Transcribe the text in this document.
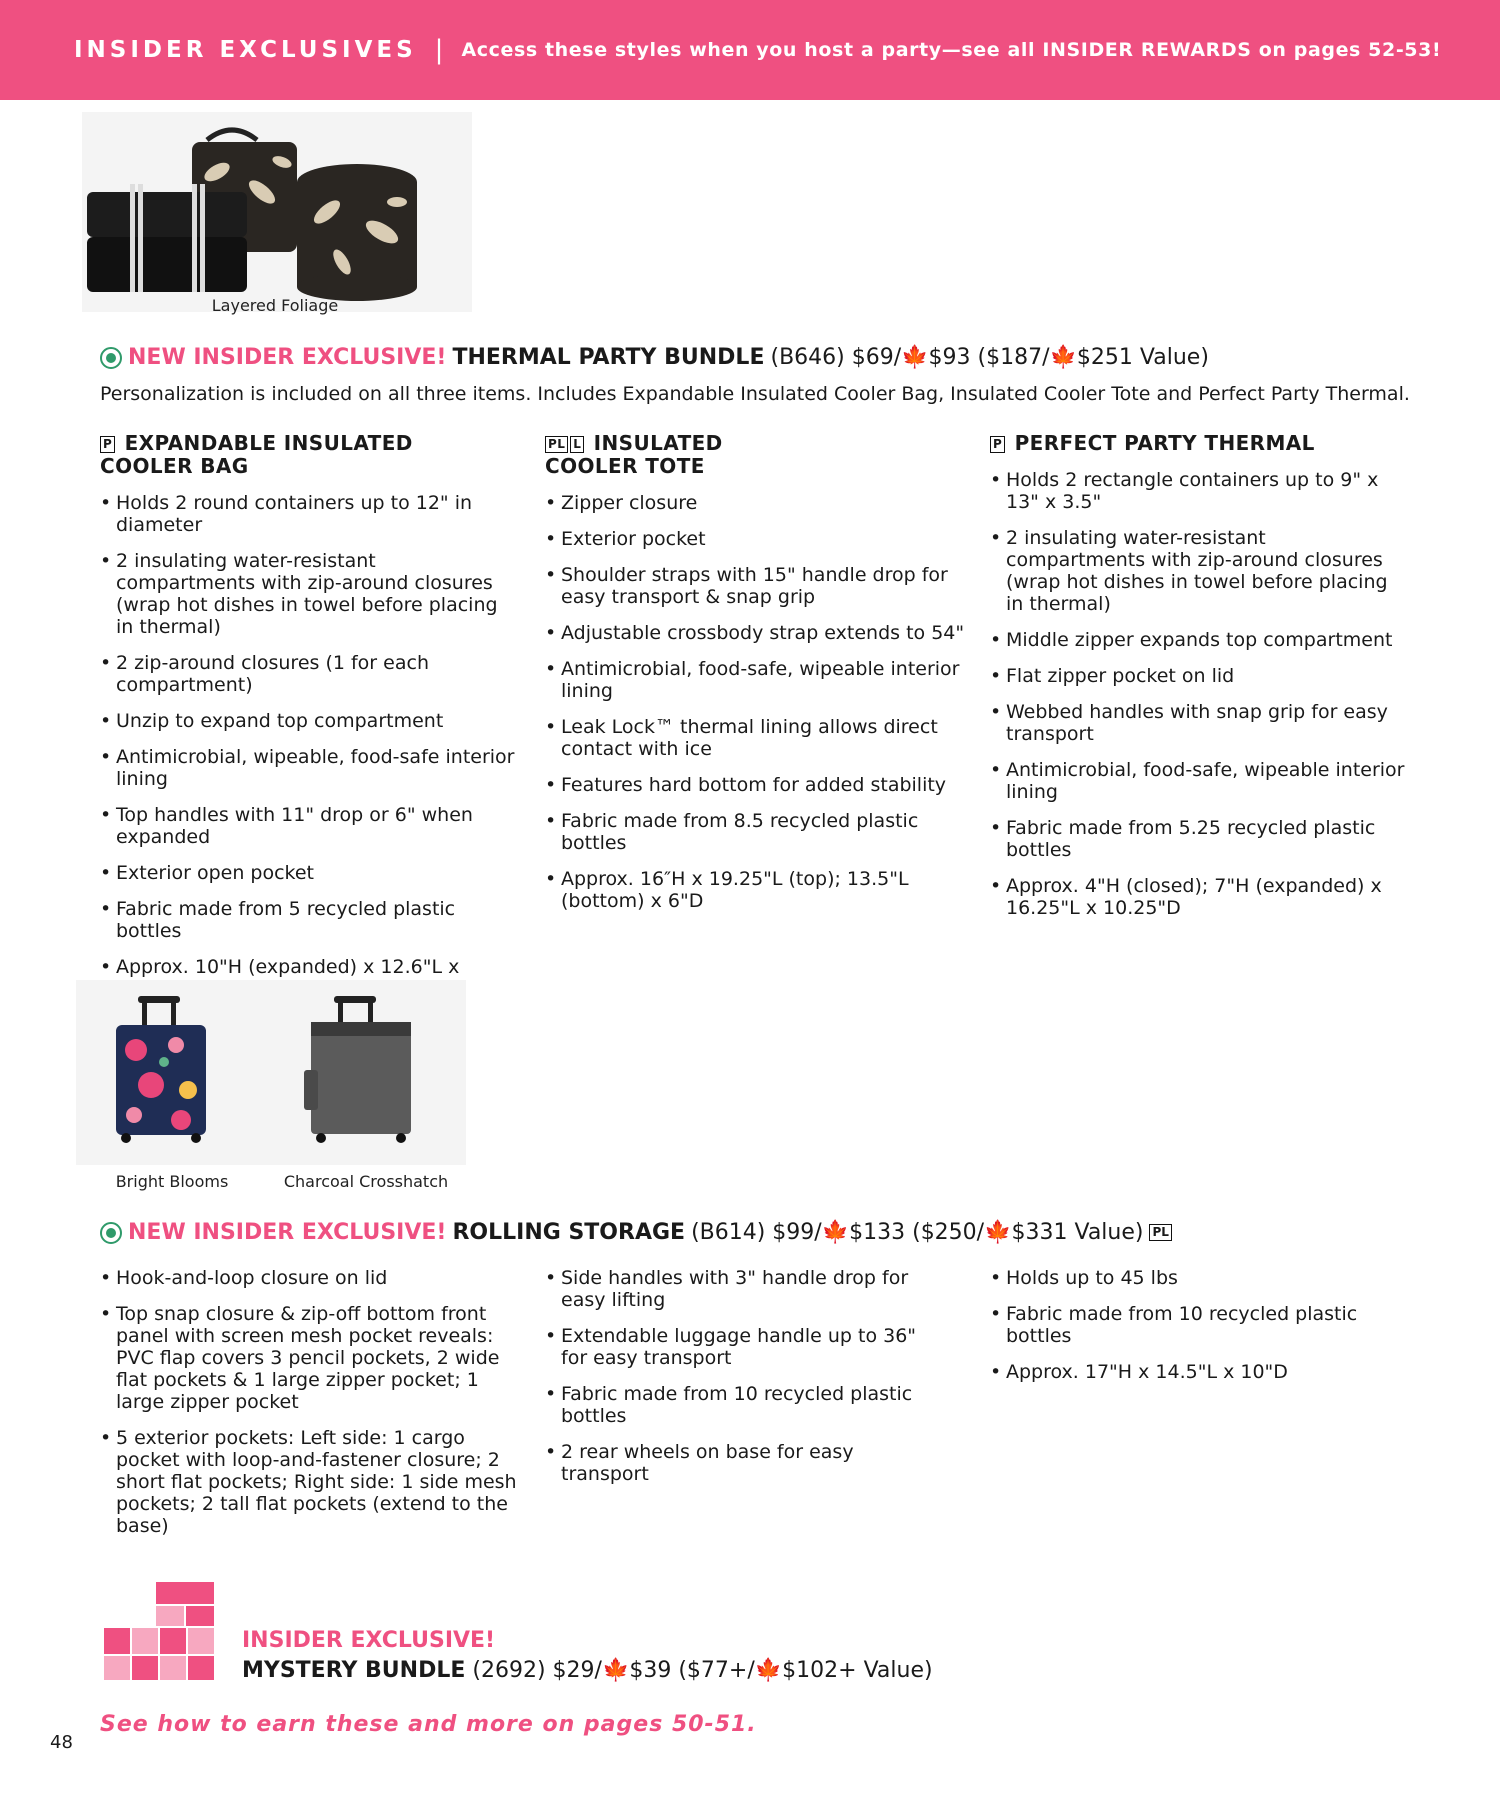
INSIDER EXCLUSIVES | Access these styles when you host a party—see all INSIDER REWARDS on pages 52-53!
Layered Foliage
NEW INSIDER EXCLUSIVE! THERMAL PARTY BUNDLE (B646) $69/ 🍁 $93 ($187/ 🍁 $251 Value)
Personalization is included on all three items. Includes Expandable Insulated Cooler Bag, Insulated Cooler Tote and Perfect Party Thermal.
P EXPANDABLE INSULATED
COOLER BAG
• Holds 2 round containers up to 12" in diameter
• 2 insulating water-resistant compartments with zip-around closures (wrap hot dishes in towel before placing in thermal)
• 2 zip-around closures (1 for each compartment)
• Unzip to expand top compartment
• Antimicrobial, wipeable, food-safe interior lining
• Top handles with 11" drop or 6" when expanded
• Exterior open pocket
• Fabric made from 5 recycled plastic bottles
• Approx. 10"H (expanded) x 12.6"L x
PL L INSULATED
COOLER TOTE
• Zipper closure
• Exterior pocket
• Shoulder straps with 15" handle drop for easy transport & snap grip
• Adjustable crossbody strap extends to 54"
• Antimicrobial, food-safe, wipeable interior lining
• Leak Lock™ thermal lining allows direct contact with ice
• Features hard bottom for added stability
• Fabric made from 8.5 recycled plastic bottles
• Approx. 16″H x 19.25"L (top); 13.5"L (bottom) x 6"D
P PERFECT PARTY THERMAL
• Holds 2 rectangle containers up to 9" x 13" x 3.5"
• 2 insulating water-resistant compartments with zip-around closures (wrap hot dishes in towel before placing in thermal)
• Middle zipper expands top compartment
• Flat zipper pocket on lid
• Webbed handles with snap grip for easy transport
• Antimicrobial, food-safe, wipeable interior lining
• Fabric made from 5.25 recycled plastic bottles
• Approx. 4"H (closed); 7"H (expanded) x 16.25"L x 10.25"D
Bright Blooms	Charcoal Crosshatch
NEW INSIDER EXCLUSIVE! ROLLING STORAGE (B614) $99/ 🍁 $133 ($250/ 🍁 $331 Value) PL
• Hook-and-loop closure on lid
• Top snap closure & zip-off bottom front panel with screen mesh pocket reveals: PVC flap covers 3 pencil pockets, 2 wide flat pockets & 1 large zipper pocket; 1 large zipper pocket
• 5 exterior pockets: Left side: 1 cargo pocket with loop-and-fastener closure; 2 short flat pockets; Right side: 1 side mesh pockets; 2 tall flat pockets (extend to the base)
• Side handles with 3" handle drop for easy lifting
• Extendable luggage handle up to 36" for easy transport
• Fabric made from 10 recycled plastic bottles
• 2 rear wheels on base for easy transport
• Holds up to 45 lbs
• Fabric made from 10 recycled plastic bottles
• Approx. 17"H x 14.5"L x 10"D
INSIDER EXCLUSIVE!
MYSTERY BUNDLE (2692) $29/🍁$39 ($77+/🍁$102+ Value)
See how to earn these and more on pages 50-51.
48
